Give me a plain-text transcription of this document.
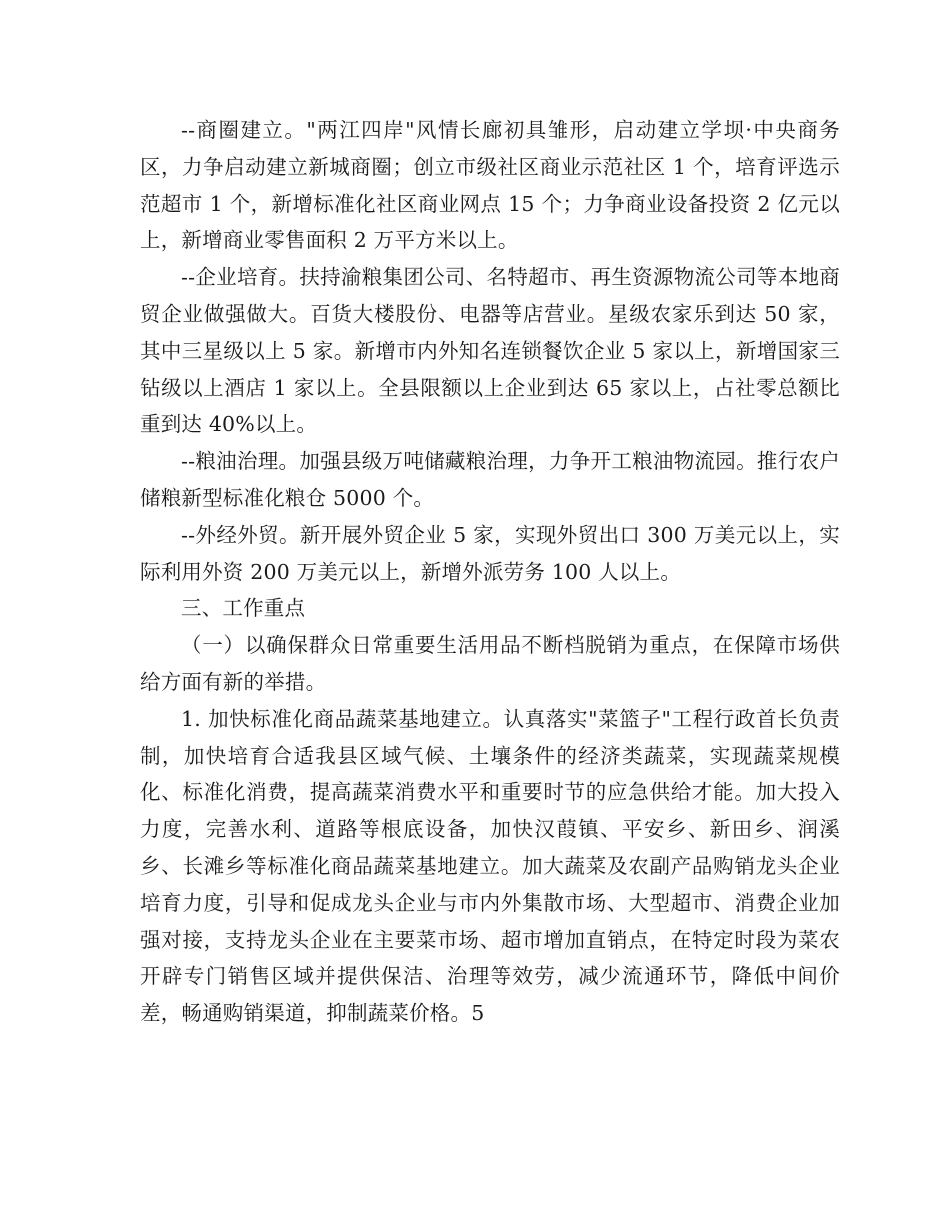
--商圈建立。"两江四岸"风情长廊初具雏形，启动建立学坝·中央商务区，力争启动建立新城商圈；创立市级社区商业示范社区 1 个，培育评选示范超市 1 个，新增标准化社区商业网点 15 个；力争商业设备投资 2 亿元以上，新增商业零售面积 2 万平方米以上。

--企业培育。扶持渝粮集团公司、名特超市、再生资源物流公司等本地商贸企业做强做大。百货大楼股份、电器等店营业。星级农家乐到达 50 家，其中三星级以上 5 家。新增市内外知名连锁餐饮企业 5 家以上，新增国家三钻级以上酒店 1 家以上。全县限额以上企业到达 65 家以上，占社零总额比重到达 40%以上。

--粮油治理。加强县级万吨储藏粮治理，力争开工粮油物流园。推行农户储粮新型标准化粮仓 5000 个。

--外经外贸。新开展外贸企业 5 家，实现外贸出口 300 万美元以上，实际利用外资 200 万美元以上，新增外派劳务 100 人以上。

三、工作重点

（一）以确保群众日常重要生活用品不断档脱销为重点，在保障市场供给方面有新的举措。

1. 加快标准化商品蔬菜基地建立。认真落实"菜篮子"工程行政首长负责制，加快培育合适我县区域气候、土壤条件的经济类蔬菜，实现蔬菜规模化、标准化消费，提高蔬菜消费水平和重要时节的应急供给才能。加大投入力度，完善水利、道路等根底设备，加快汉葭镇、平安乡、新田乡、润溪乡、长滩乡等标准化商品蔬菜基地建立。加大蔬菜及农副产品购销龙头企业培育力度，引导和促成龙头企业与市内外集散市场、大型超市、消费企业加强对接，支持龙头企业在主要菜市场、超市增加直销点，在特定时段为菜农开辟专门销售区域并提供保洁、治理等效劳，减少流通环节，降低中间价差，畅通购销渠道，抑制蔬菜价格。5
